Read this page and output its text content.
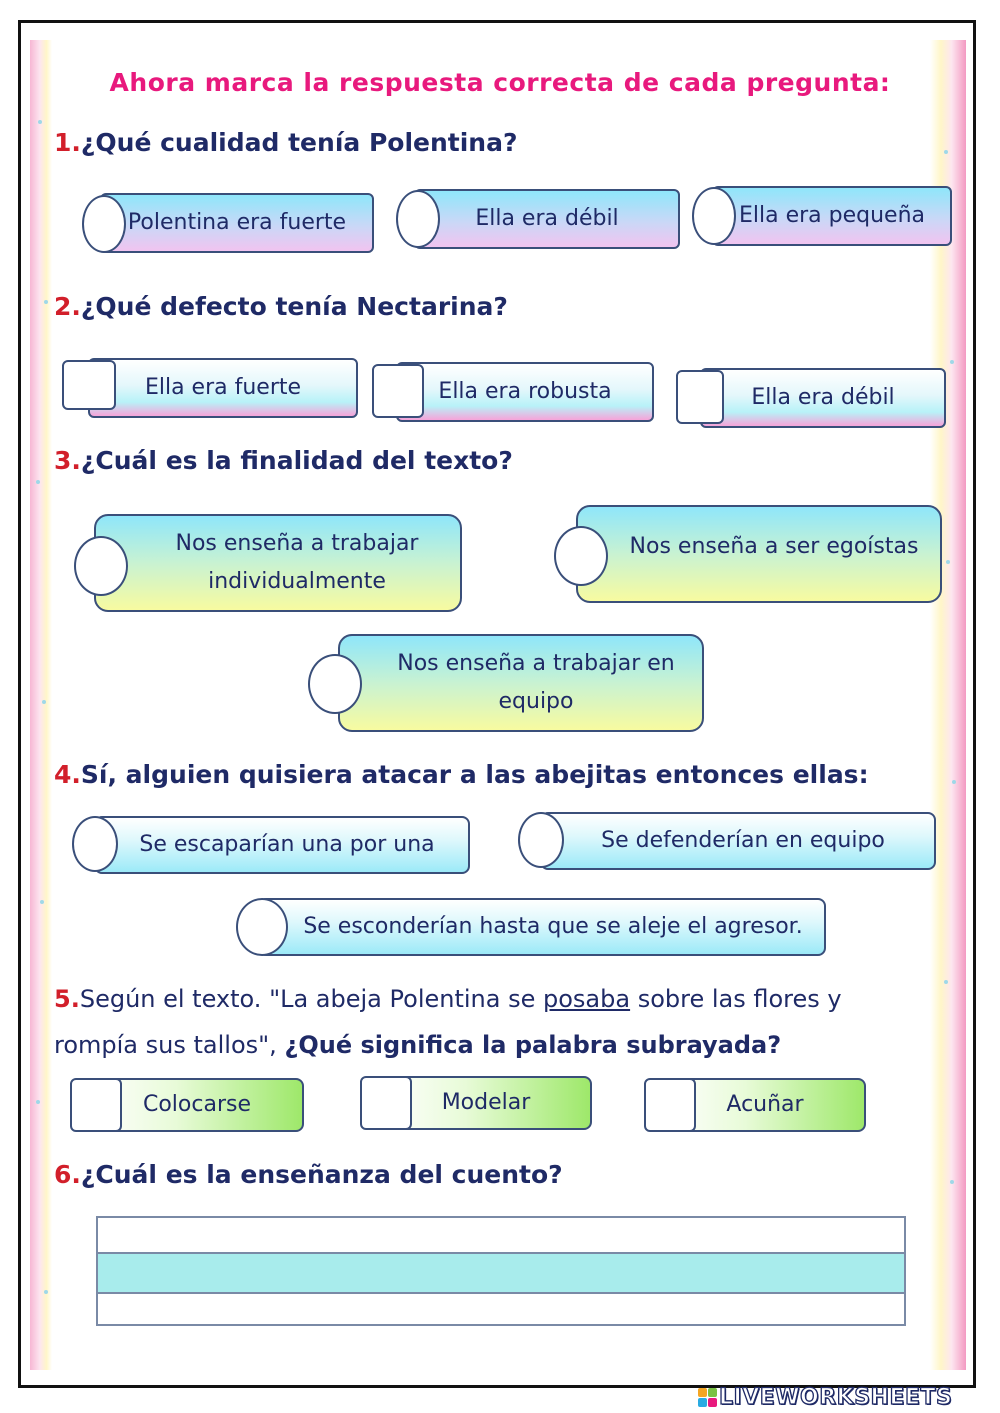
Ahora marca la respuesta correcta de cada pregunta:
1.¿Qué cualidad tenía Polentina?
Polentina era fuerte	Ella era débil	Ella era pequeña
2.¿Qué defecto tenía Nectarina?
Ella era fuerte	Ella era robusta	Ella era débil
3.¿Cuál es la finalidad del texto?
Nos enseña a trabajar individualmente
Nos enseña a ser egoístas
Nos enseña a trabajar en equipo
4.Sí, alguien quisiera atacar a las abejitas entonces ellas:
Se escaparían una por una	Se defenderían en equipo
Se esconderían hasta que se aleje el agresor.
5.Según el texto. "La abeja Polentina se posaba sobre las flores y rompía sus tallos", ¿Qué significa la palabra subrayada?
Colocarse	Modelar	Acuñar
6.¿Cuál es la enseñanza del cuento?
LIVEWORKSHEETS
